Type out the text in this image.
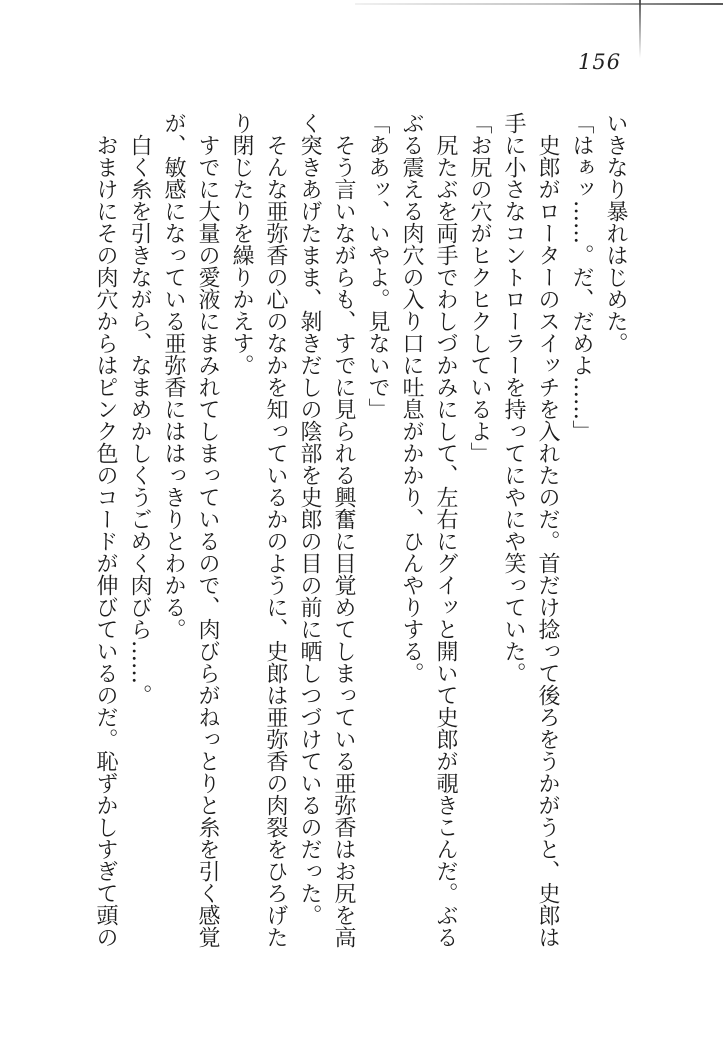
156
いきなり暴れはじめた。
「はぁッ……。だ、だめよ……」
　史郎がローターのスイッチを入れたのだ。首だけ捻って後ろをうかがうと、史郎は
手に小さなコントローラーを持ってにやにや笑っていた。
「お尻の穴がヒクヒクしているよ」
　尻たぶを両手でわしづかみにして、左右にグイッと開いて史郎が覗きこんだ。ぶる
ぶる震える肉穴の入り口に吐息がかかり、ひんやりする。
「ああッ、いやよ。見ないで」
　そう言いながらも、すでに見られる興奮に目覚めてしまっている亜弥香はお尻を高
く突きあげたまま、剝きだしの陰部を史郎の目の前に晒しつづけているのだった。
　そんな亜弥香の心のなかを知っているかのように、史郎は亜弥香の肉裂をひろげた
り閉じたりを繰りかえす。
　すでに大量の愛液にまみれてしまっているので、肉びらがねっとりと糸を引く感覚
が、敏感になっている亜弥香にははっきりとわかる。
　白く糸を引きながら、なまめかしくうごめく肉びら……。
　おまけにその肉穴からはピンク色のコードが伸びているのだ。恥ずかしすぎて頭の
